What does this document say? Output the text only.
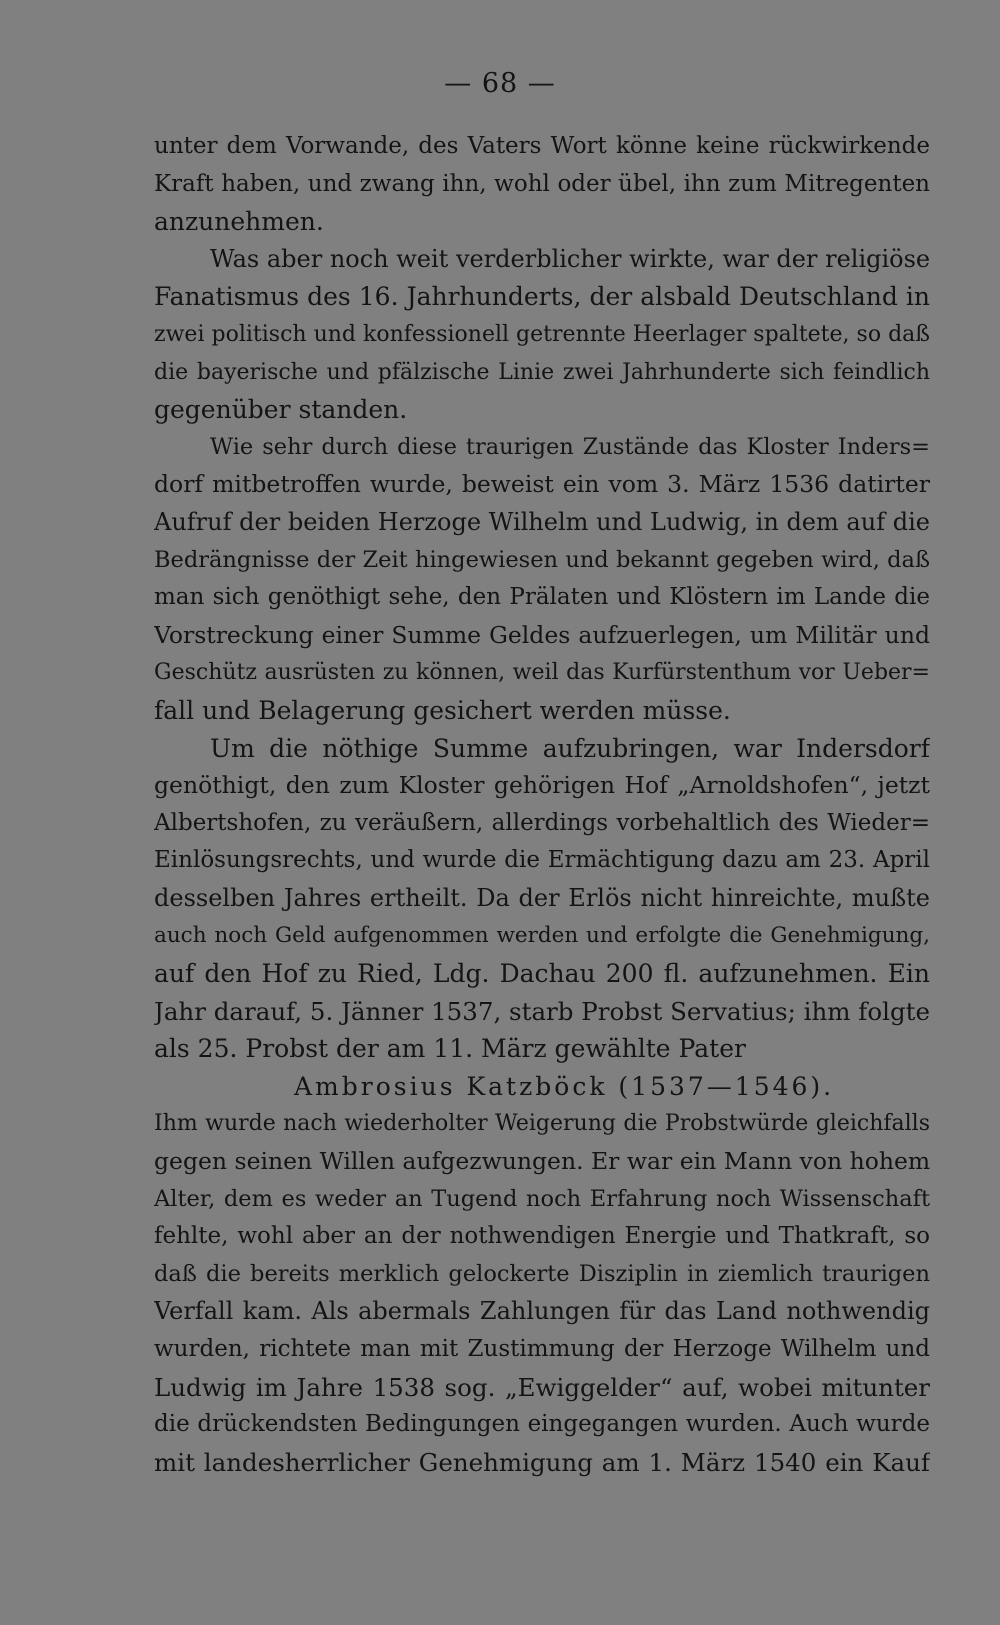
— 68 —
unter dem Vorwande, des Vaters Wort könne keine rückwirkende
Kraft haben, und zwang ihn, wohl oder übel, ihn zum Mitregenten
anzunehmen.
Was aber noch weit verderblicher wirkte, war der religiöse
Fanatismus des 16. Jahrhunderts, der alsbald Deutschland in
zwei politisch und konfessionell getrennte Heerlager spaltete, so daß
die bayerische und pfälzische Linie zwei Jahrhunderte sich feindlich
gegenüber standen.
Wie sehr durch diese traurigen Zustände das Kloster Inders=
dorf mitbetroffen wurde, beweist ein vom 3. März 1536 datirter
Aufruf der beiden Herzoge Wilhelm und Ludwig, in dem auf die
Bedrängnisse der Zeit hingewiesen und bekannt gegeben wird, daß
man sich genöthigt sehe, den Prälaten und Klöstern im Lande die
Vorstreckung einer Summe Geldes aufzuerlegen, um Militär und
Geschütz ausrüsten zu können, weil das Kurfürstenthum vor Ueber=
fall und Belagerung gesichert werden müsse.
Um die nöthige Summe aufzubringen, war Indersdorf
genöthigt, den zum Kloster gehörigen Hof „Arnoldshofen“, jetzt
Albertshofen, zu veräußern, allerdings vorbehaltlich des Wieder=
Einlösungsrechts, und wurde die Ermächtigung dazu am 23. April
desselben Jahres ertheilt. Da der Erlös nicht hinreichte, mußte
auch noch Geld aufgenommen werden und erfolgte die Genehmigung,
auf den Hof zu Ried, Ldg. Dachau 200 fl. aufzunehmen. Ein
Jahr darauf, 5. Jänner 1537, starb Probst Servatius; ihm folgte
als 25. Probst der am 11. März gewählte Pater
Ambrosius Katzböck (1537—1546).
Ihm wurde nach wiederholter Weigerung die Probstwürde gleichfalls
gegen seinen Willen aufgezwungen. Er war ein Mann von hohem
Alter, dem es weder an Tugend noch Erfahrung noch Wissenschaft
fehlte, wohl aber an der nothwendigen Energie und Thatkraft, so
daß die bereits merklich gelockerte Disziplin in ziemlich traurigen
Verfall kam. Als abermals Zahlungen für das Land nothwendig
wurden, richtete man mit Zustimmung der Herzoge Wilhelm und
Ludwig im Jahre 1538 sog. „Ewiggelder“ auf, wobei mitunter
die drückendsten Bedingungen eingegangen wurden. Auch wurde
mit landesherrlicher Genehmigung am 1. März 1540 ein Kauf
